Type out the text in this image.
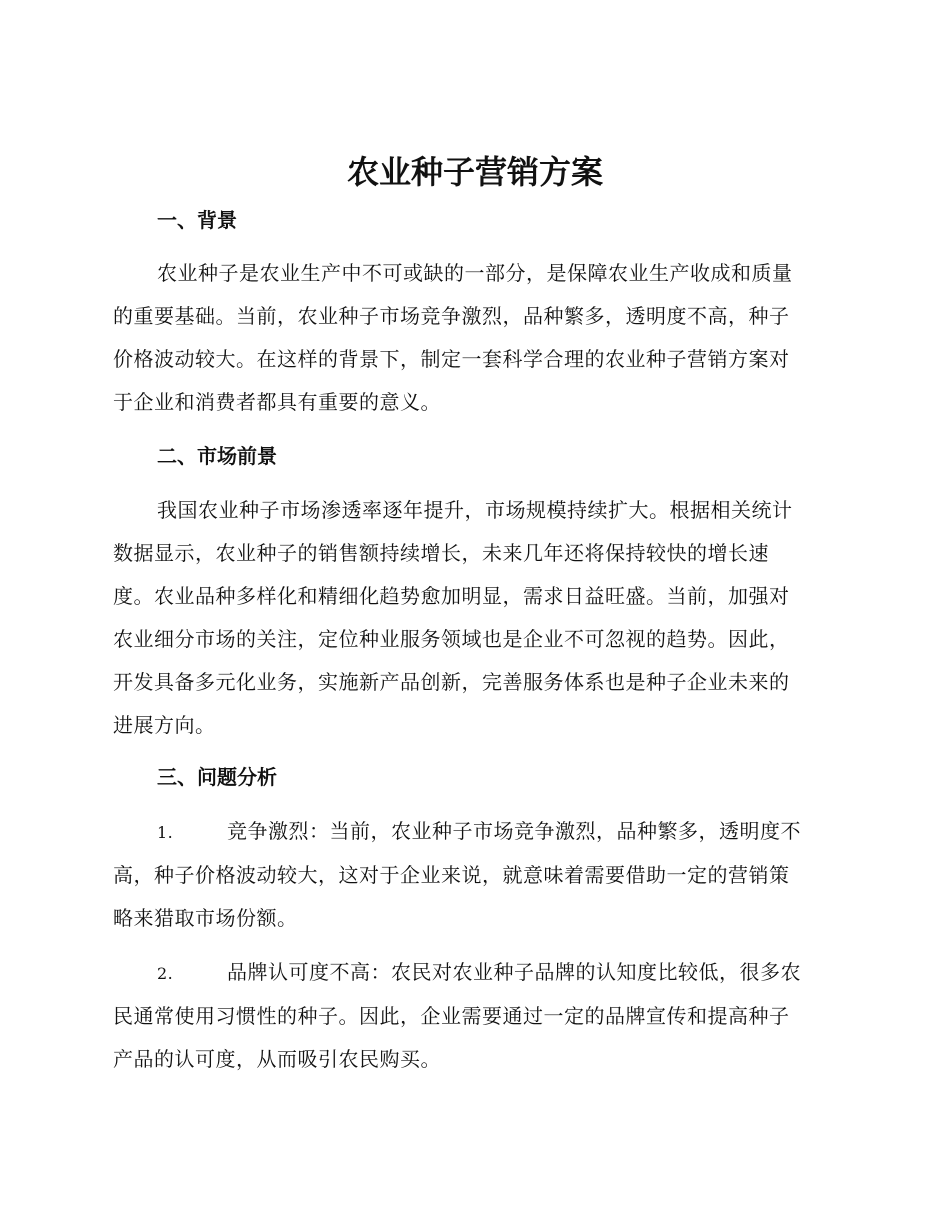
农业种子营销方案
一、背景
农业种子是农业生产中不可或缺的一部分，是保障农业生产收成和质量
的重要基础。当前，农业种子市场竞争激烈，品种繁多，透明度不高，种子
价格波动较大。在这样的背景下，制定一套科学合理的农业种子营销方案对
于企业和消费者都具有重要的意义。
二、市场前景
我国农业种子市场渗透率逐年提升，市场规模持续扩大。根据相关统计
数据显示，农业种子的销售额持续增长，未来几年还将保持较快的增长速
度。农业品种多样化和精细化趋势愈加明显，需求日益旺盛。当前，加强对
农业细分市场的关注，定位种业服务领域也是企业不可忽视的趋势。因此，
开发具备多元化业务，实施新产品创新，完善服务体系也是种子企业未来的
进展方向。
三、问题分析
1.	竞争激烈：当前，农业种子市场竞争激烈，品种繁多，透明度不
高，种子价格波动较大，这对于企业来说，就意味着需要借助一定的营销策
略来猎取市场份额。
2.	品牌认可度不高：农民对农业种子品牌的认知度比较低，很多农
民通常使用习惯性的种子。因此，企业需要通过一定的品牌宣传和提高种子
产品的认可度，从而吸引农民购买。
